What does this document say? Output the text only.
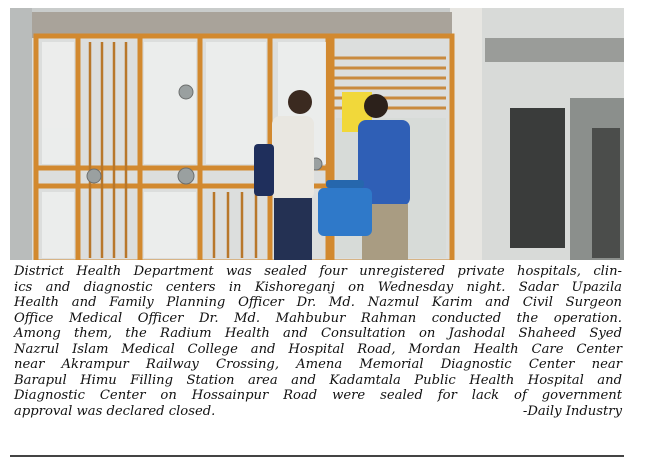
District Health Department was sealed four unregistered private hospitals, clin-
ics and diagnostic centers in Kishoreganj on Wednesday night. Sadar Upazila
Health and Family Planning Officer Dr. Md. Nazmul Karim and Civil Surgeon
Office Medical Officer Dr. Md. Mahbubur Rahman conducted the operation.
Among them, the Radium Health and Consultation on Jashodal Shaheed Syed
Nazrul Islam Medical College and Hospital Road, Mordan Health Care Center
near Akrampur Railway Crossing, Amena Memorial Diagnostic Center near
Barapul Himu Filling Station area and Kadamtala Public Health Hospital and
Diagnostic Center on Hossainpur Road were sealed for lack of government
approval was declared closed.	-Daily Industry
